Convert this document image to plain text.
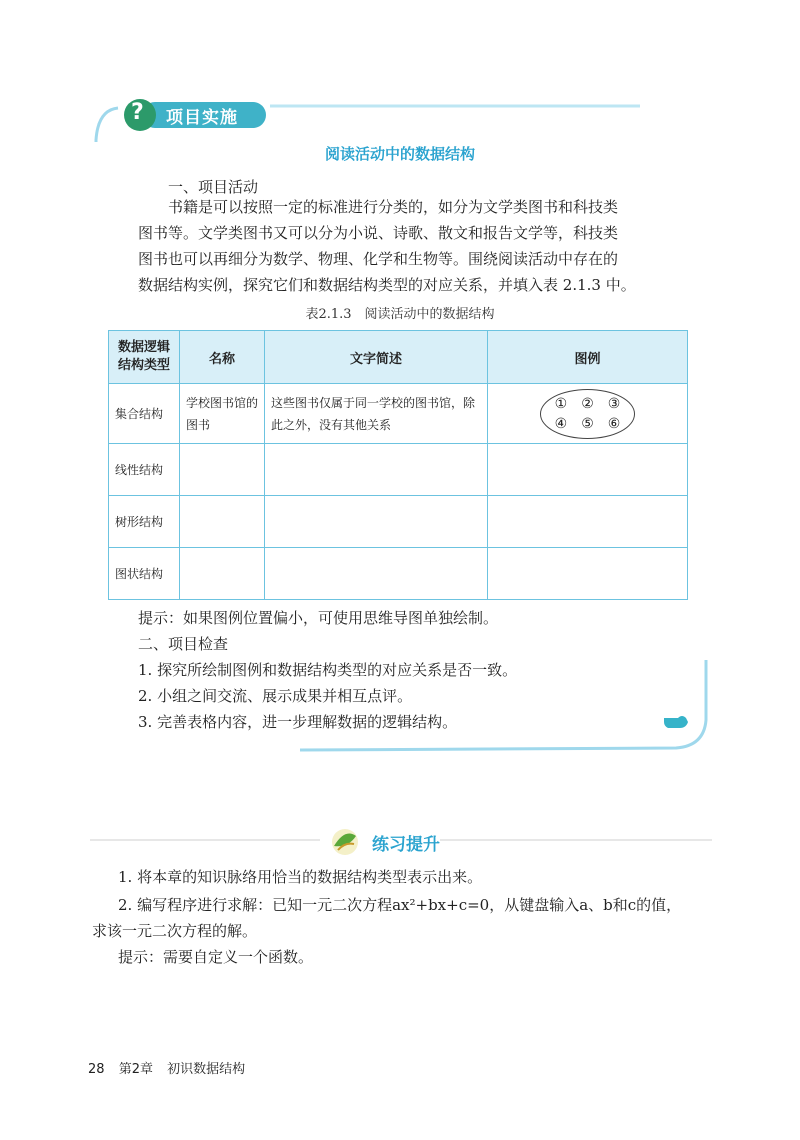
? 项目实施
阅读活动中的数据结构
一、项目活动
书籍是可以按照一定的标准进行分类的，如分为文学类图书和科技类
图书等。文学类图书又可以分为小说、诗歌、散文和报告文学等，科技类
图书也可以再细分为数学、物理、化学和生物等。围绕阅读活动中存在的
数据结构实例，探究它们和数据结构类型的对应关系，并填入表 2.1.3 中。
表2.1.3　阅读活动中的数据结构
数据逻辑结构类型	名称	文字简述	图例
集合结构	学校图书馆的图书	这些图书仅属于同一学校的图书馆，除此之外，没有其他关系	①　②　③
④　⑤　⑥

线性结构			
树形结构			
图状结构			
提示：如果图例位置偏小，可使用思维导图单独绘制。
二、项目检查
1. 探究所绘制图例和数据结构类型的对应关系是否一致。
2. 小组之间交流、展示成果并相互点评。
3. 完善表格内容，进一步理解数据的逻辑结构。
练习提升
1. 将本章的知识脉络用恰当的数据结构类型表示出来。
2. 编写程序进行求解：已知一元二次方程ax²+bx+c=0，从键盘输入a、b和c的值，
求该一元二次方程的解。
提示：需要自定义一个函数。
28 第2章 初识数据结构
